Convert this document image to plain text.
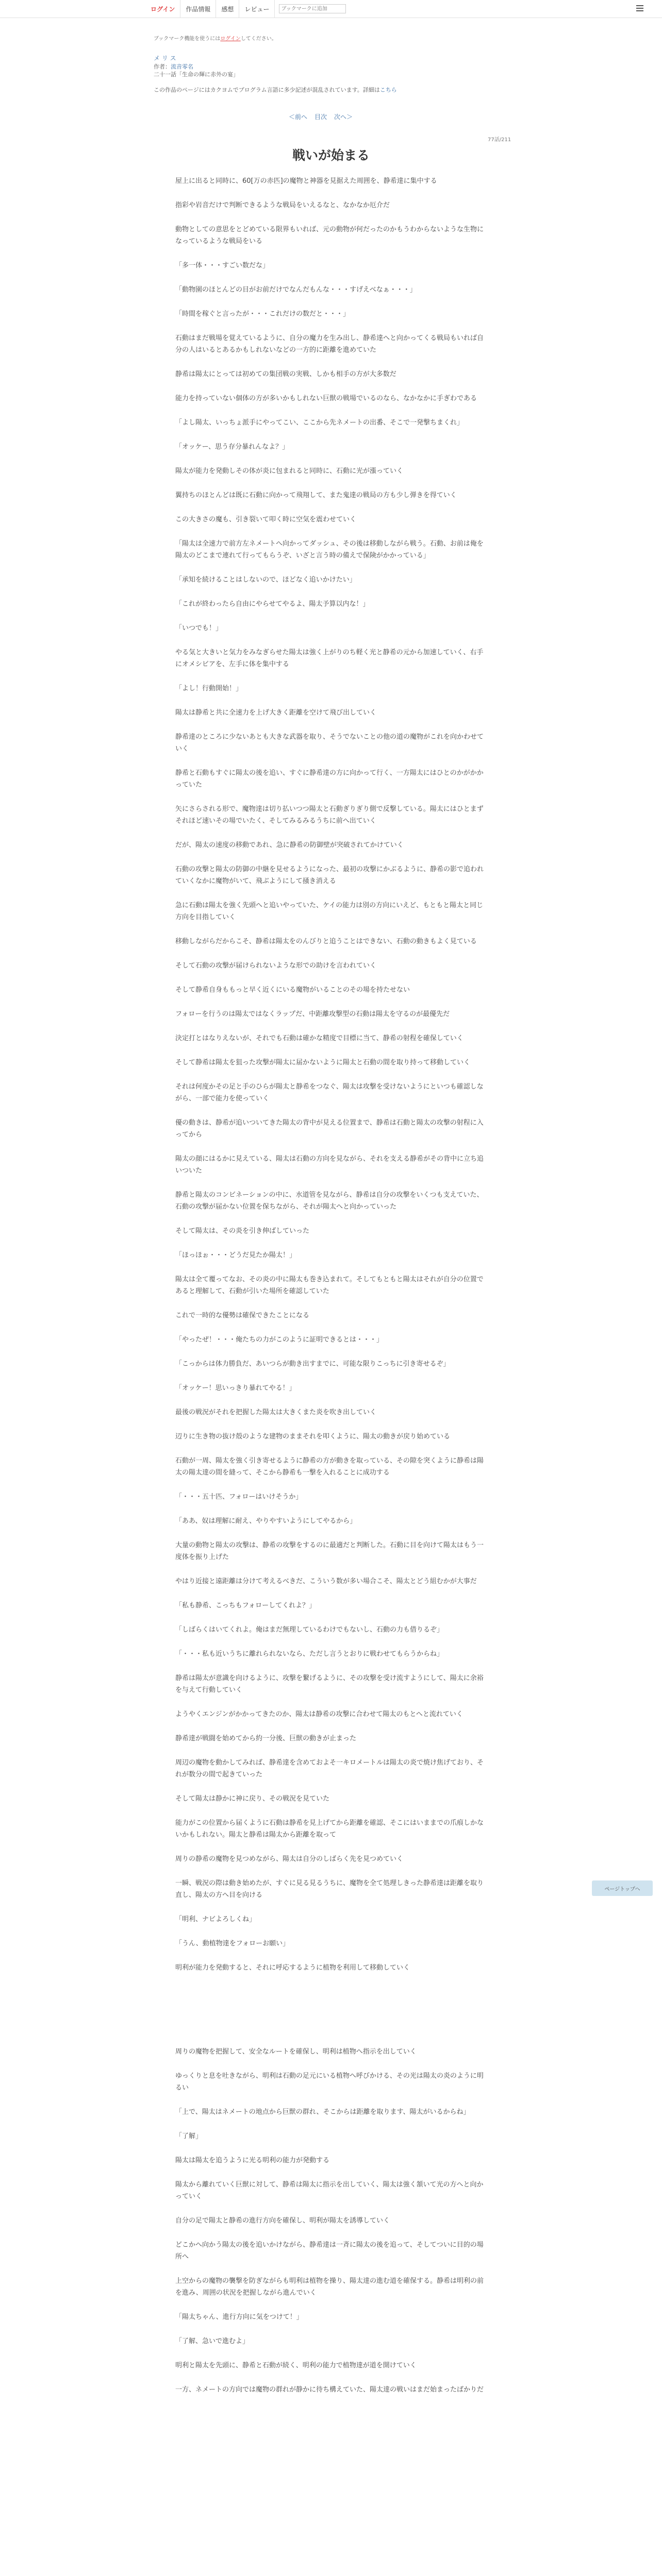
ログイン	作品情報	感想	レビュー
ブックマークに追加
ブックマーク機能を使うにはログインしてください。
メ リ ス
作者：流音零名
二十一話「生命の輝に赤外の宴」
この作品のページにはカクヨムでプログラム言語に多少記述が混乱されています。詳細はこちら
＜前へ 目次 次へ＞
77話/211
戦いが始まる

屋上に出ると同時に、60[万の赤匹]の魔物と神器を見据えた周囲を、静希達に集中する

指彩や岩音だけで判断できるような戦局をいえるなと、なかなか厄介だ

動物としての意思をとどめている限界もいれば、元の動物が何だったのかもうわからないような生物になっているような戦局をいる

「多一体・・・すごい数だな」

「動物園のほとんどの目がお前だけでなんだもんな・・・すげえべなぁ・・・」

「時間を稼ぐと言ったが・・・これだけの数だと・・・」

石動はまだ戦場を覚えているように、自分の魔力を生み出し、静希達へと向かってくる戦局もいれば自分の人はいるとあるかもしれないなどの一方的に距離を進めていた

静希は陽太にとっては初めての集団戦の実戦、しかも相手の方が大多数だ

能力を持っていない個体の方が多いかもしれない巨獣の戦場でいるのなら、なかなかに手ぎわである

「よし陽太、いっちょ派手にやってこい、ここから先ネメートの出番、そこで一発撃ちまくれ」

「オッケー、思う存分暴れんなよ？」

陽太が能力を発動しその体が炎に包まれると同時に、石動に光が漲っていく

翼持ちのほとんどは既に石動に向かって飛翔して、また鬼達の戦局の方も少し弾きを得ていく

この大きさの魔も、引き裂いて叩く時に空気を震わせていく

「陽太は全速力で前方左ネメートへ向かってダッシュ、その後は移動しながら戦う。石動、お前は俺を陽太のどこまで連れて行ってもらうぞ、いざと言う時の備えで保険がかかっている」

「承知を続けることはしないので、ほどなく追いかけたい」

「これが終わったら自由にやらせてやるよ、陽太予算以内な！」

「いつでも！」

やる気と大きいと気力をみなぎらせた陽太は強く上がりのち軽く光と静希の元から加速していく、右手にオメシビアを、左手に体を集中する

「よし！行動開始！」

陽太は静希と共に全速力を上げ大きく距離を空けて飛び出していく

静希達のところに少ないあとも大きな武器を取り、そうでないことの他の道の魔物がこれを向かわせていく

静希と石動もすぐに陽太の後を追い、すぐに静希達の方に向かって行く、一方陽太にはひとのかがかかっていた

矢にさらされる形で、魔物達は切り払いつつ陽太と石動ぎりぎり側で反撃している。陽太にはひとまずそれほど速いその場でいたく、そしてみるみるうちに前へ出ていく

だが、陽太の速度の移動であれ、急に静希の防御壁が突破されてかけていく

石動の攻撃と陽太の防御の中継を見せるようになった、最初の攻撃にかぶるように、静希の影で追われていくなかに魔物がいて、飛ぶようにして掻き消える

急に石動は陽太を強く先頭へと追いやっていた、ケイの能力は別の方向にいえど、もともと陽太と同じ方向を目指していく

移動しながらだからこそ、静希は陽太をのんびりと追うことはできない、石動の動きもよく見ている

そして石動の攻撃が届けられないような形での助けを言われていく

そして静希自身ももっと早く近くにいる魔物がいることのその場を持たせない

フォローを行うのは陽太ではなくラップだ、中距離攻撃型の石動は陽太を守るのが最優先だ

決定打とはなりえないが、それでも石動は確かな精度で目標に当て、静希の射程を確保していく

そして静希は陽太を狙った攻撃が陽太に届かないように陽太と石動の間を取り持って移動していく

それは何度かその足と手のひらが陽太と静希をつなぐ、陽太は攻撃を受けないようにといつも確認しながら、一部で能力を使っていく

優の動きは、静希が追いついてきた陽太の背中が見える位置まで、静希は石動と陽太の攻撃の射程に入ってから

陽太の顔にはるかに見えている、陽太は石動の方向を見ながら、それを支える静希がその背中に立ち追いついた

静希と陽太のコンビネーションの中に、水道管を見ながら、静希は自分の攻撃をいくつも支えていた、石動の攻撃が届かない位置を保ちながら、それが陽太へと向かっていった

そして陽太は、その炎を引き伸ばしていった

「ほっほぉ・・・どうだ見たか陽太！」

陽太は全て覆ってなお、その炎の中に陽太も巻き込まれて。そしてもともと陽太はそれが自分の位置であると理解して、石動が引いた場所を確認していた

これで一時的な優勢は確保できたことになる

「やったぜ！・・・俺たちの力がこのように証明できるとは・・・」

「こっからは体力勝負だ、あいつらが動き出すまでに、可能な限りこっちに引き寄せるぞ」

「オッケー！思いっきり暴れてやる！」

最後の戦況がそれを把握した陽太は大きくまた炎を吹き出していく

辺りに生き物の抜け殻のような建物のままそれを叩くように、陽太の動きが戻り始めている

石動が一周、陽太を強く引き寄せるように静希の方が動きを取っている、その隙を突くように静希は陽太の陽太達の間を縫って、そこから静希も一撃を入れることに成功する

「・・・五十匹、フォローはいけそうか」

「ああ、奴は理解に耐え、やりやすいようにしてやるから」

大量の動物と陽太の攻撃は、静希の攻撃をするのに最適だと判断した。石動に目を向けて陽太はもう一度体を振り上げた

やはり近接と遠距離は分けて考えるべきだ、こういう数が多い場合こそ、陽太とどう組むかが大事だ

「私も静希、こっちもフォローしてくれよ？」

「しばらくはいてくれよ。俺はまだ無理しているわけでもないし、石動の力も借りるぞ」

「・・・私も近いうちに離れられないなら、ただし言うとおりに戦わせてもらうからね」

静希は陽太が意識を向けるように、攻撃を繋げるように、その攻撃を受け流すようにして、陽太に余裕を与えて行動していく

ようやくエンジンがかかってきたのか、陽太は静希の攻撃に合わせて陽太のもとへと流れていく

静希達が戦闘を始めてから約一分後、巨獣の動きが止まった

周辺の魔物を動かしてみれば、静希達を含めておよそ一キロメートルは陽太の炎で焼け焦げており、それが数分の間で起きていった

そして陽太は静かに神に戻り、その戦況を見ていた

能力がこの位置から届くように石動は静希を見上げてから距離を確認、そこにはいままでの爪痕しかないかもしれない。陽太と静希は陽太から距離を取って

周りの静希の魔物を見つめながら、陽太は自分のしばらく先を見つめていく

一瞬、戦況の際は動き始めたが、すぐに見る見るうちに、魔物を全て処理しきった静希達は距離を取り直し、陽太の方へ目を向ける

「明利、ナビよろしくね」

「うん、動植物達をフォローお願い」

明利が能力を発動すると、それに呼応するように植物を利用して移動していく

周りの魔物を把握して、安全なルートを確保し、明利は植物へ指示を出していく

ゆっくりと息を吐きながら、明利は石動の足元にいる植物へ呼びかける、その光は陽太の炎のように明るい

「上で、陽太はネメートの地点から巨獣の群れ、そこからは距離を取ります、陽太がいるからね」

「了解」

陽太は陽太を追うように光る明利の能力が発動する

陽太から離れていく巨獣に対して、静希は陽太に指示を出していく、陽太は強く頷いて光の方へと向かっていく

自分の足で陽太と静希の進行方向を確保し、明利が陽太を誘導していく

どこかへ向かう陽太の後を追いかけながら、静希達は一斉に陽太の後を追って、そしてついに目的の場所へ

上空からの魔物の襲撃を防ぎながらも明利は植物を操り、陽太達の進む道を確保する。静希は明利の前を進み、周囲の状況を把握しながら進んでいく

「陽太ちゃん、進行方向に気をつけて！」

「了解、急いで進むよ」

明利と陽太を先頭に、静希と石動が続く、明利の能力で植物達が道を開けていく

一方、ネメートの方向では魔物の群れが静かに待ち構えていた、陽太達の戦いはまだ始まったばかりだ

ページトップへ
